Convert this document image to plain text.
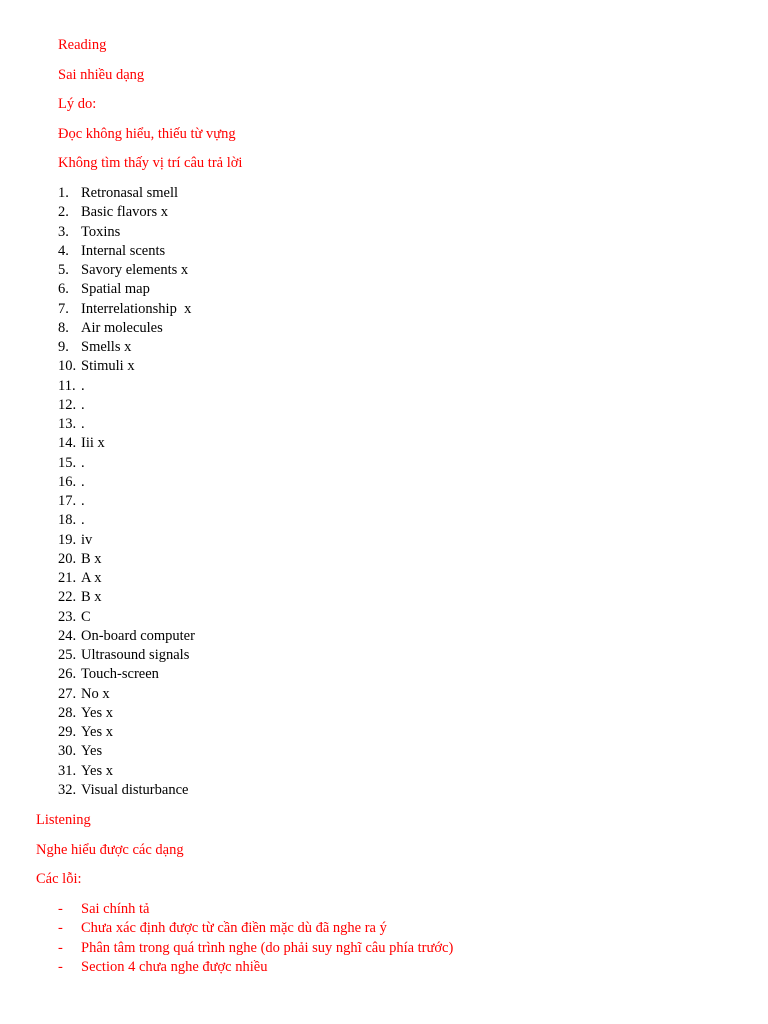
Reading
Sai nhiều dạng
Lý do:
Đọc không hiểu, thiếu từ vựng
Không tìm thấy vị trí câu trả lời
1. Retronasal smell
2. Basic flavors x
3. Toxins
4. Internal scents
5. Savory elements x
6. Spatial map
7. Interrelationship  x
8. Air molecules
9. Smells x
10. Stimuli x
11. .
12. .
13. .
14. Iii x
15. .
16. .
17. .
18. .
19. iv
20. B x
21. A x
22. B x
23. C
24. On-board computer
25. Ultrasound signals
26. Touch-screen
27. No x
28. Yes x
29. Yes x
30. Yes
31. Yes x
32. Visual disturbance
Listening
Nghe hiểu được các dạng
Các lỗi:
- Sai chính tả
- Chưa xác định được từ cần điền mặc dù đã nghe ra ý
- Phân tâm trong quá trình nghe (do phải suy nghĩ câu phía trước)
- Section 4 chưa nghe được nhiều
